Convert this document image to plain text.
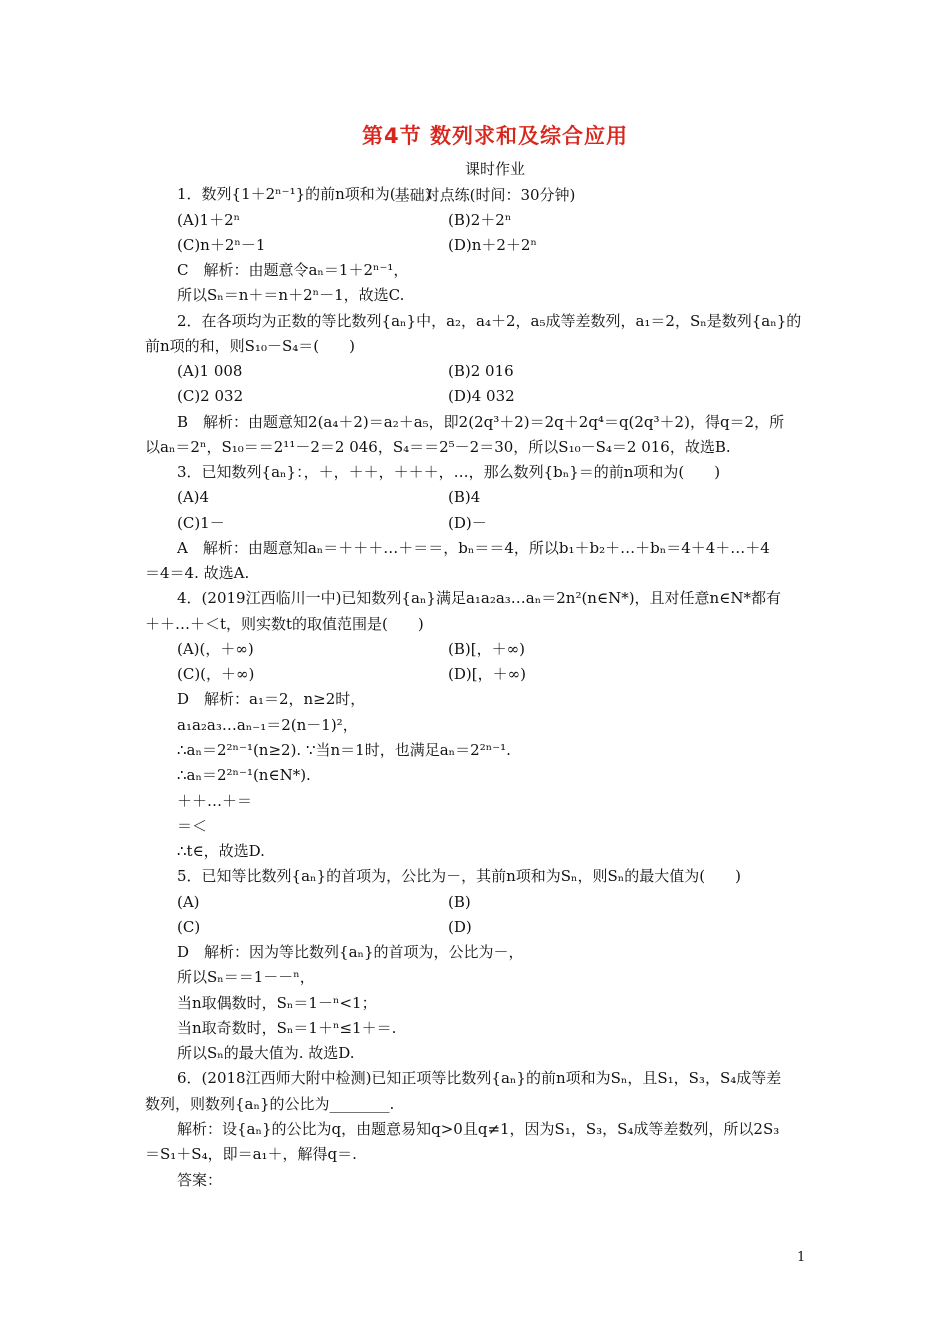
第4节 数列求和及综合应用
课时作业
基础对点练(时间：30分钟)
1．数列{1＋2ⁿ⁻¹}的前n项和为(　　)
(A)1＋2ⁿ	(B)2＋2ⁿ
(C)n＋2ⁿ－1	(D)n＋2＋2ⁿ
C　解析：由题意令aₙ＝1＋2ⁿ⁻¹，
所以Sₙ＝n＋＝n＋2ⁿ－1，故选C.
2．在各项均为正数的等比数列{aₙ}中，a₂，a₄＋2，a₅成等差数列，a₁＝2，Sₙ是数列{aₙ}的
前n项的和，则S₁₀－S₄＝(　　)
(A)1 008	(B)2 016
(C)2 032	(D)4 032
B　解析：由题意知2(a₄＋2)＝a₂＋a₅，即2(2q³＋2)＝2q＋2q⁴＝q(2q³＋2)，得q＝2，所
以aₙ＝2ⁿ，S₁₀＝＝2¹¹－2＝2 046，S₄＝＝2⁵－2＝30，所以S₁₀－S₄＝2 016，故选B.
3．已知数列{aₙ}：，＋，＋＋，＋＋＋，…，那么数列{bₙ}＝的前n项和为(　　)
(A)4	(B)4
(C)1－	(D)－
A　解析：由题意知aₙ＝＋＋＋…＋＝＝，bₙ＝＝4，所以b₁＋b₂＋…＋bₙ＝4＋4＋…＋4
＝4＝4. 故选A.
4．(2019江西临川一中)已知数列{aₙ}满足a₁a₂a₃…aₙ＝2n²(n∈N*)，且对任意n∈N*都有
＋＋…＋＜t，则实数t的取值范围是(　　)
(A)(，＋∞)	(B)[，＋∞)
(C)(，＋∞)	(D)[，＋∞)
D　解析：a₁＝2，n≥2时，
a₁a₂a₃…aₙ₋₁＝2(n－1)²，
∴aₙ＝2²ⁿ⁻¹(n≥2). ∵当n＝1时，也满足aₙ＝2²ⁿ⁻¹.
∴aₙ＝2²ⁿ⁻¹(n∈N*).
＋＋…＋＝
＝＜
∴t∈，故选D.
5．已知等比数列{aₙ}的首项为，公比为－，其前n项和为Sₙ，则Sₙ的最大值为(　　)
(A)	(B)
(C)	(D)
D　解析：因为等比数列{aₙ}的首项为，公比为－，
所以Sₙ＝＝1－－ⁿ，
当n取偶数时，Sₙ＝1－ⁿ<1；
当n取奇数时，Sₙ＝1＋ⁿ≤1＋＝.
所以Sₙ的最大值为. 故选D.
6．(2018江西师大附中检测)已知正项等比数列{aₙ}的前n项和为Sₙ，且S₁，S₃，S₄成等差
数列，则数列{aₙ}的公比为________.
解析：设{aₙ}的公比为q，由题意易知q>0且q≠1，因为S₁，S₃，S₄成等差数列，所以2S₃
＝S₁＋S₄，即＝a₁＋，解得q＝.
答案：
1
